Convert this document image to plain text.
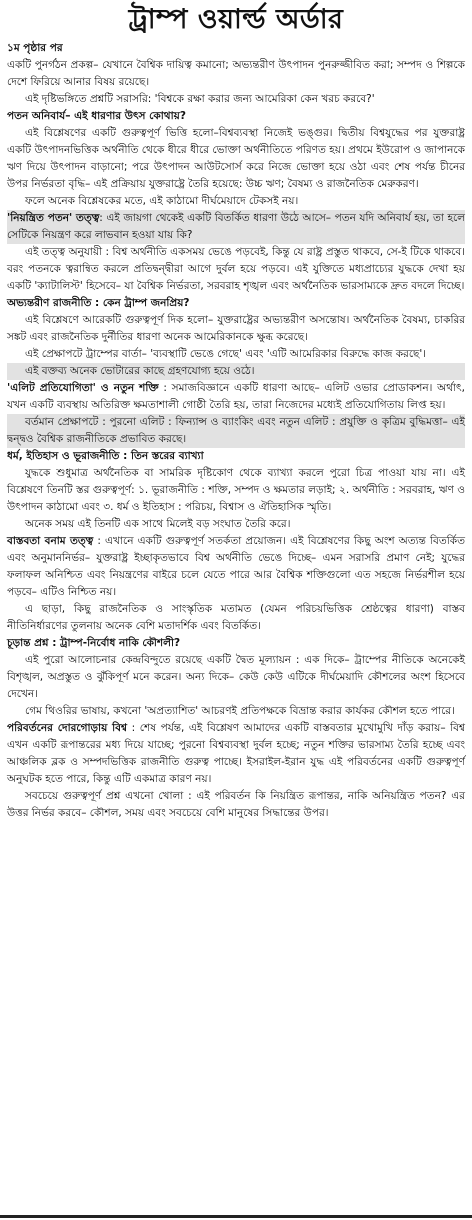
ট্রাম্প ওয়ার্ল্ড অর্ডার
১ম পৃষ্ঠার পর
একটি পুনর্গঠন প্রকল্প– যেখানে বৈশ্বিক দায়িত্ব কমানো; অভ্যন্তরীণ উৎপাদন পুনরুজ্জীবিত করা; সম্পদ ও শিল্পকে দেশে ফিরিয়ে আনার বিষয় রয়েছে।
এই দৃষ্টিভঙ্গিতে প্রশ্নটি সরাসরি: 'বিশ্বকে রক্ষা করার জন্য আমেরিকা কেন খরচ করবে?'
পতন অনিবার্য– এই ধারণার উৎস কোথায়?
এই বিশ্লেষণের একটি গুরুত্বপূর্ণ ভিত্তি হলো–বিশ্বব্যবস্থা নিজেই ভঙ্গুর। দ্বিতীয় বিশ্বযুদ্ধের পর যুক্তরাষ্ট্র একটি উৎপাদনভিত্তিক অর্থনীতি থেকে ধীরে ধীরে ভোক্তা অর্থনীতিতে পরিণত হয়। প্রথমে ইউরোপ ও জাপানকে ঋণ দিয়ে উৎপাদন বাড়ানো; পরে উৎপাদন আউটসোর্স করে নিজে ভোক্তা হয়ে ওঠা এবং শেষ পর্যন্ত চীনের উপর নির্ভরতা বৃদ্ধি– এই প্রক্রিয়ায় যুক্তরাষ্ট্রে তৈরি হয়েছে: উচ্চ ঋণ; বৈষম্য ও রাজনৈতিক মেরুকরণ।
ফলে অনেক বিশ্লেষকের মতে, এই কাঠামো দীর্ঘমেয়াদে টেকসই নয়।
'নিয়ন্ত্রিত পতন' তত্ত্ব: এই জায়গা থেকেই একটি বিতর্কিত ধারণা উঠে আসে– পতন যদি অনিবার্য হয়, তা হলে সেটিকে নিয়ন্ত্রণ করে লাভবান হওয়া যায় কি?
এই তত্ত্ব অনুযায়ী : বিশ্ব অর্থনীতি একসময় ভেঙে পড়বেই, কিন্তু যে রাষ্ট্র প্রস্তুত থাকবে, সে-ই টিকে থাকবে। বরং পতনকে ত্বরান্বিত করলে প্রতিদ্বন্দ্বীরা আগে দুর্বল হয়ে পড়বে। এই যুক্তিতে মধ্যপ্রাচ্যের যুদ্ধকে দেখা হয় একটি 'ক্যাটালিস্ট' হিসেবে– যা বৈশ্বিক নির্ভরতা, সরবরাহ শৃঙ্খল এবং অর্থনৈতিক ভারসাম্যকে দ্রুত বদলে দিচ্ছে।
অভ্যন্তরীণ রাজনীতি : কেন ট্রাম্প জনপ্রিয়?
এই বিশ্লেষণে আরেকটি গুরুত্বপূর্ণ দিক হলো– যুক্তরাষ্ট্রের অভ্যন্তরীণ অসন্তোষ। অর্থনৈতিক বৈষম্য, চাকরির সঙ্কট এবং রাজনৈতিক দুর্নীতির ধারণা অনেক আমেরিকানকে ক্ষুব্ধ করেছে।
এই প্রেক্ষাপটে ট্রাম্পের বার্তা– 'ব্যবস্থাটি ভেঙে গেছে' এবং 'এটি আমেরিকার বিরুদ্ধে কাজ করছে'।
এই বক্তব্য অনেক ভোটারের কাছে গ্রহণযোগ্য হয়ে ওঠে।
'এলিট প্রতিযোগিতা' ও নতুন শক্তি : সমাজবিজ্ঞানে একটি ধারণা আছে– এলিট ওভার প্রোডাকশন। অর্থাৎ, যখন একটি ব্যবস্থায় অতিরিক্ত ক্ষমতাশালী গোষ্ঠী তৈরি হয়, তারা নিজেদের মধ্যেই প্রতিযোগিতায় লিপ্ত হয়।
বর্তমান প্রেক্ষাপটে : পুরনো এলিট : ফিন্যান্স ও ব্যাংকিং এবং নতুন এলিট : প্রযুক্তি ও কৃত্রিম বুদ্ধিমত্তা– এই দ্বন্দ্বও বৈশ্বিক রাজনীতিকে প্রভাবিত করছে।
ধর্ম, ইতিহাস ও ভূরাজনীতি : তিন স্তরের ব্যাখ্যা
যুদ্ধকে শুধুমাত্র অর্থনৈতিক বা সামরিক দৃষ্টিকোণ থেকে ব্যাখ্যা করলে পুরো চিত্র পাওয়া যায় না। এই বিশ্লেষণে তিনটি স্তর গুরুত্বপূর্ণ: ১. ভূরাজনীতি : শক্তি, সম্পদ ও ক্ষমতার লড়াই; ২. অর্থনীতি : সরবরাহ, ঋণ ও উৎপাদন কাঠামো এবং ৩. ধর্ম ও ইতিহাস : পরিচয়, বিশ্বাস ও ঐতিহাসিক স্মৃতি।
অনেক সময় এই তিনটি এক সাথে মিলেই বড় সংঘাত তৈরি করে।
বাস্তবতা বনাম তত্ত্ব : এখানে একটি গুরুত্বপূর্ণ সতর্কতা প্রয়োজন। এই বিশ্লেষণের কিছু অংশ অত্যন্ত বিতর্কিত এবং অনুমাননির্ভর– যুক্তরাষ্ট্র ইচ্ছাকৃতভাবে বিশ্ব অর্থনীতি ভেঙে দিচ্ছে– এমন সরাসরি প্রমাণ নেই; যুদ্ধের ফলাফল অনিশ্চিত এবং নিয়ন্ত্রণের বাইরে চলে যেতে পারে আর বৈশ্বিক শক্তিগুলো এত সহজে নির্ভরশীল হয়ে পড়বে– এটিও নিশ্চিত নয়।
এ ছাড়া, কিছু রাজনৈতিক ও সাংস্কৃতিক মতামত (যেমন পরিচয়ভিত্তিক শ্রেষ্ঠত্বের ধারণা) বাস্তব নীতিনির্ধারণের তুলনায় অনেক বেশি মতাদর্শিক এবং বিতর্কিত।
চূড়ান্ত প্রশ্ন : ট্রাম্প-নির্বোধ নাকি কৌশলী?
এই পুরো আলোচনার কেন্দ্রবিন্দুতে রয়েছে একটি দ্বৈত মূল্যায়ন : এক দিকে– ট্রাম্পের নীতিকে অনেকেই বিশৃঙ্খল, অপ্রস্তুত ও ঝুঁকিপূর্ণ মনে করেন। অন্য দিকে– কেউ কেউ এটিকে দীর্ঘমেয়াদি কৌশলের অংশ হিসেবে দেখেন।
গেম থিওরির ভাষায়, কখনো 'অপ্রত্যাশিত' আচরণই প্রতিপক্ষকে বিভ্রান্ত করার কার্যকর কৌশল হতে পারে।
পরিবর্তনের দোরগোড়ায় বিশ্ব : শেষ পর্যন্ত, এই বিশ্লেষণ আমাদের একটি বাস্তবতার মুখোমুখি দাঁড় করায়– বিশ্ব এখন একটি রূপান্তরের মধ্য দিয়ে যাচ্ছে; পুরনো বিশ্বব্যবস্থা দুর্বল হচ্ছে; নতুন শক্তির ভারসাম্য তৈরি হচ্ছে এবং আঞ্চলিক ব্লক ও সম্পদভিত্তিক রাজনীতি গুরুত্ব পাচ্ছে। ইসরাইল-ইরান যুদ্ধ এই পরিবর্তনের একটি গুরুত্বপূর্ণ অনুঘটক হতে পারে, কিন্তু এটি একমাত্র কারণ নয়।
সবচেয়ে গুরুত্বপূর্ণ প্রশ্ন এখনো খোলা : এই পরিবর্তন কি নিয়ন্ত্রিত রূপান্তর, নাকি অনিয়ন্ত্রিত পতন? এর উত্তর নির্ভর করবে– কৌশল, সময় এবং সবচেয়ে বেশি মানুষের সিদ্ধান্তের উপর।
